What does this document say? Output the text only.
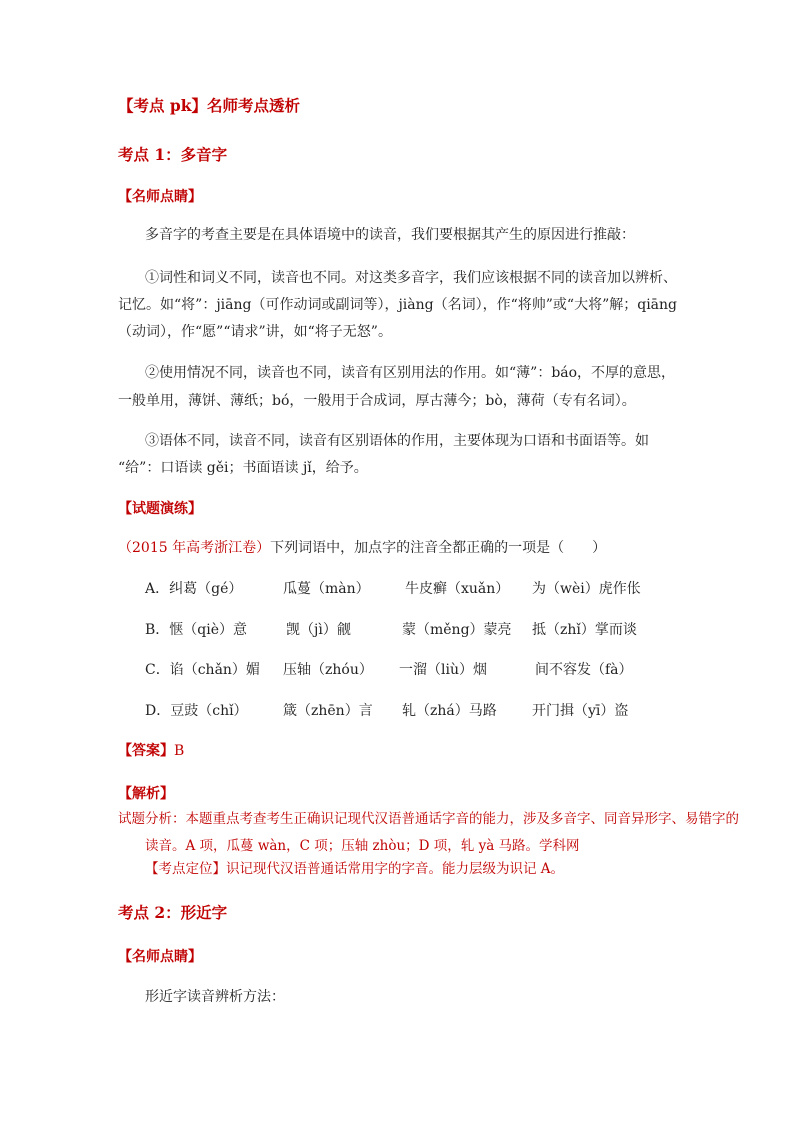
【考点 pk】名师考点透析
考点 1：多音字
【名师点睛】
多音字的考查主要是在具体语境中的读音，我们要根据其产生的原因进行推敲：
①词性和词义不同，读音也不同。对这类多音字，我们应该根据不同的读音加以辨析、
记忆。如“将”：jiāng（可作动词或副词等），jiàng（名词），作“将帅”或“大将”解；qiāng
（动词），作“愿”“请求”讲，如“将子无怒”。
②使用情况不同，读音也不同，读音有区别用法的作用。如“薄”：báo，不厚的意思，
一般单用，薄饼、薄纸；bó，一般用于合成词，厚古薄今；bò，薄荷（专有名词）。
③语体不同，读音不同，读音有区别语体的作用，主要体现为口语和书面语等。如
“给”：口语读 gěi；书面语读 jǐ，给予。
【试题演练】
（2015 年高考浙江卷）下列词语中，加点字的注音全都正确的一项是（　　）
A．纠葛（gé）	瓜蔓（màn）	牛皮癣（xuǎn） 为（wèi）虎作伥
B．惬（qiè）意	觊（jì）觎	蒙（měng）蒙亮 抵（zhǐ）掌而谈
C．谄（chǎn）媚 压轴（zhóu） 一溜（liù）烟	间不容发（fà）
D．豆豉（chǐ）	箴（zhēn）言 轧（zhá）马路	开门揖（yī）盗
【答案】B
【解析】
试题分析：本题重点考查考生正确识记现代汉语普通话字音的能力，涉及多音字、同音异形字、易错字的
读音。A 项，瓜蔓 wàn，C 项；压轴 zhòu；D 项，轧 yà 马路。学科网
【考点定位】识记现代汉语普通话常用字的字音。能力层级为识记 A。
考点 2：形近字
【名师点睛】
形近字读音辨析方法：
